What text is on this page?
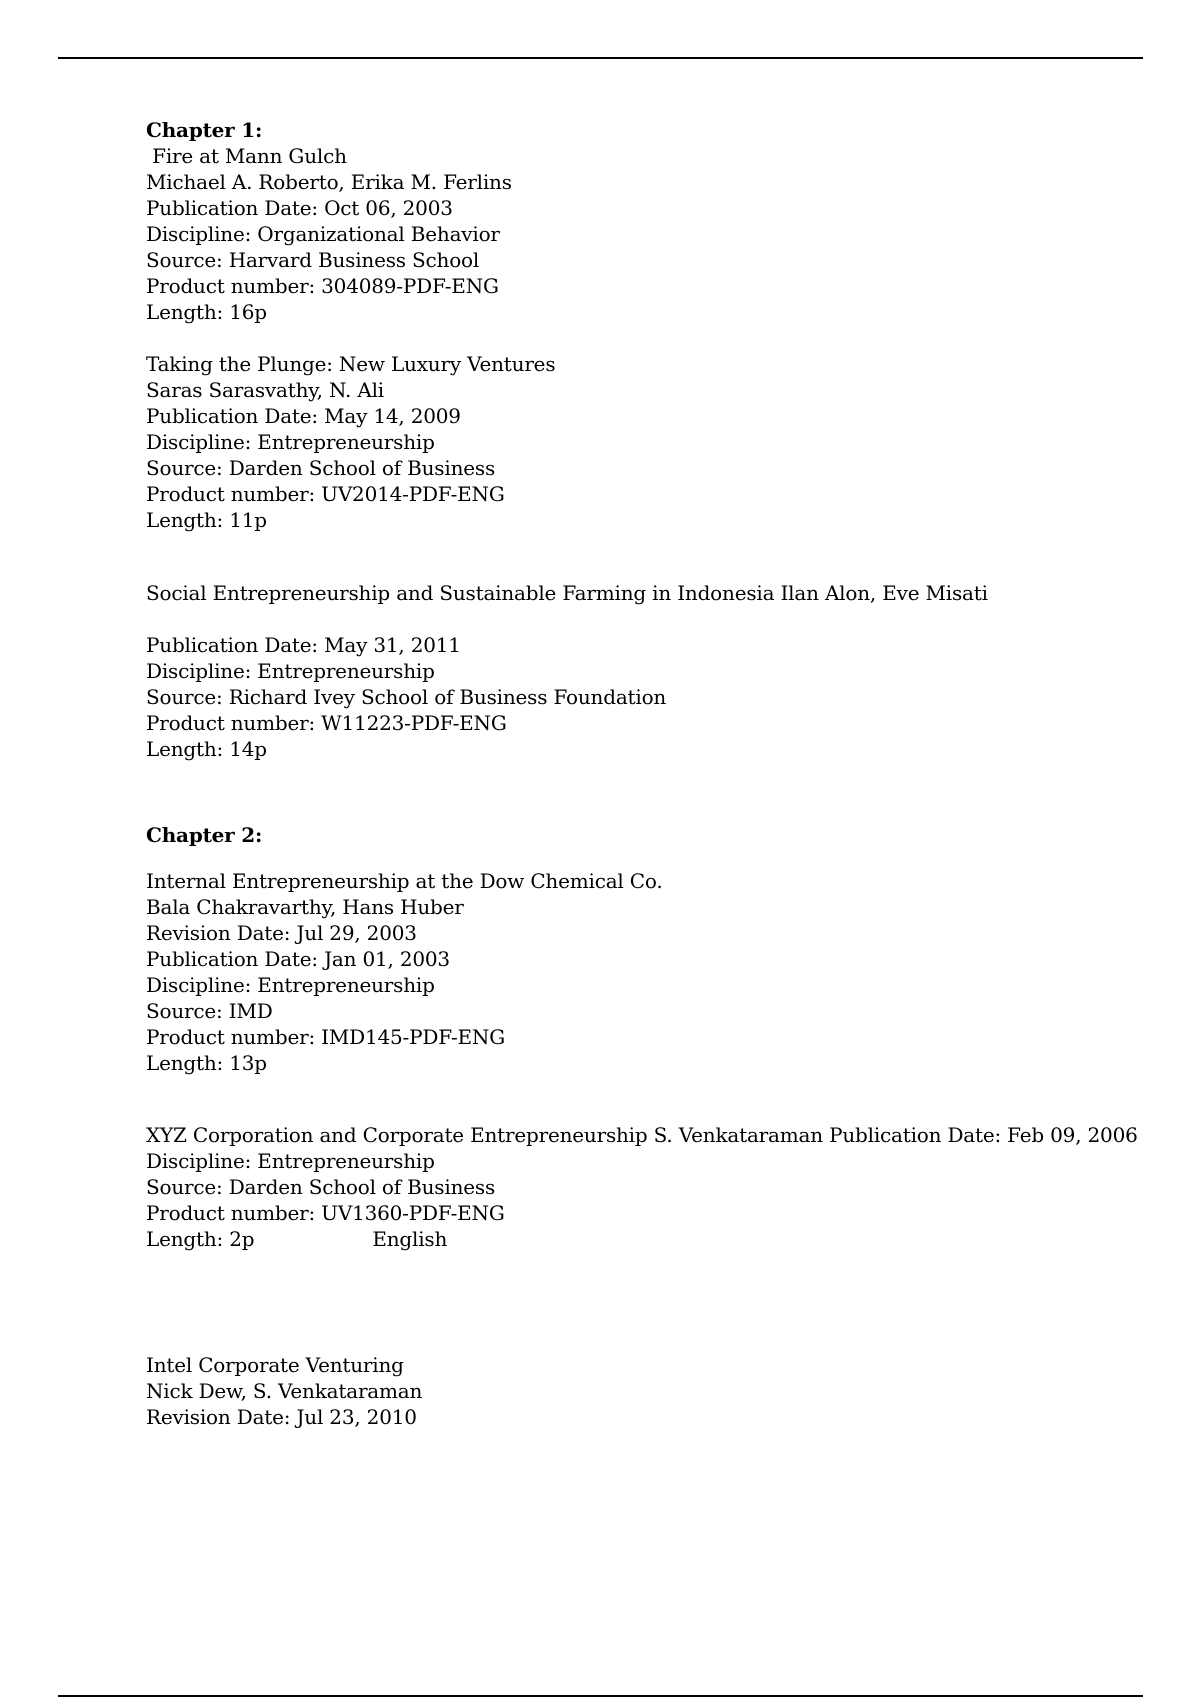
Chapter 1:
Fire at Mann Gulch
Michael A. Roberto, Erika M. Ferlins
Publication Date: Oct 06, 2003
Discipline: Organizational Behavior
Source: Harvard Business School
Product number: 304089-PDF-ENG
Length: 16p
Taking the Plunge: New Luxury Ventures
Saras Sarasvathy, N. Ali
Publication Date: May 14, 2009
Discipline: Entrepreneurship
Source: Darden School of Business
Product number: UV2014-PDF-ENG
Length: 11p
Social Entrepreneurship and Sustainable Farming in Indonesia Ilan Alon, Eve Misati
Publication Date: May 31, 2011
Discipline: Entrepreneurship
Source: Richard Ivey School of Business Foundation
Product number: W11223-PDF-ENG
Length: 14p
Chapter 2:
Internal Entrepreneurship at the Dow Chemical Co.
Bala Chakravarthy, Hans Huber
Revision Date: Jul 29, 2003
Publication Date: Jan 01, 2003
Discipline: Entrepreneurship
Source: IMD
Product number: IMD145-PDF-ENG
Length: 13p
XYZ Corporation and Corporate Entrepreneurship S. Venkataraman Publication Date: Feb 09, 2006
Discipline: Entrepreneurship
Source: Darden School of Business
Product number: UV1360-PDF-ENG
Length: 2p	English
Intel Corporate Venturing
Nick Dew, S. Venkataraman
Revision Date: Jul 23, 2010
